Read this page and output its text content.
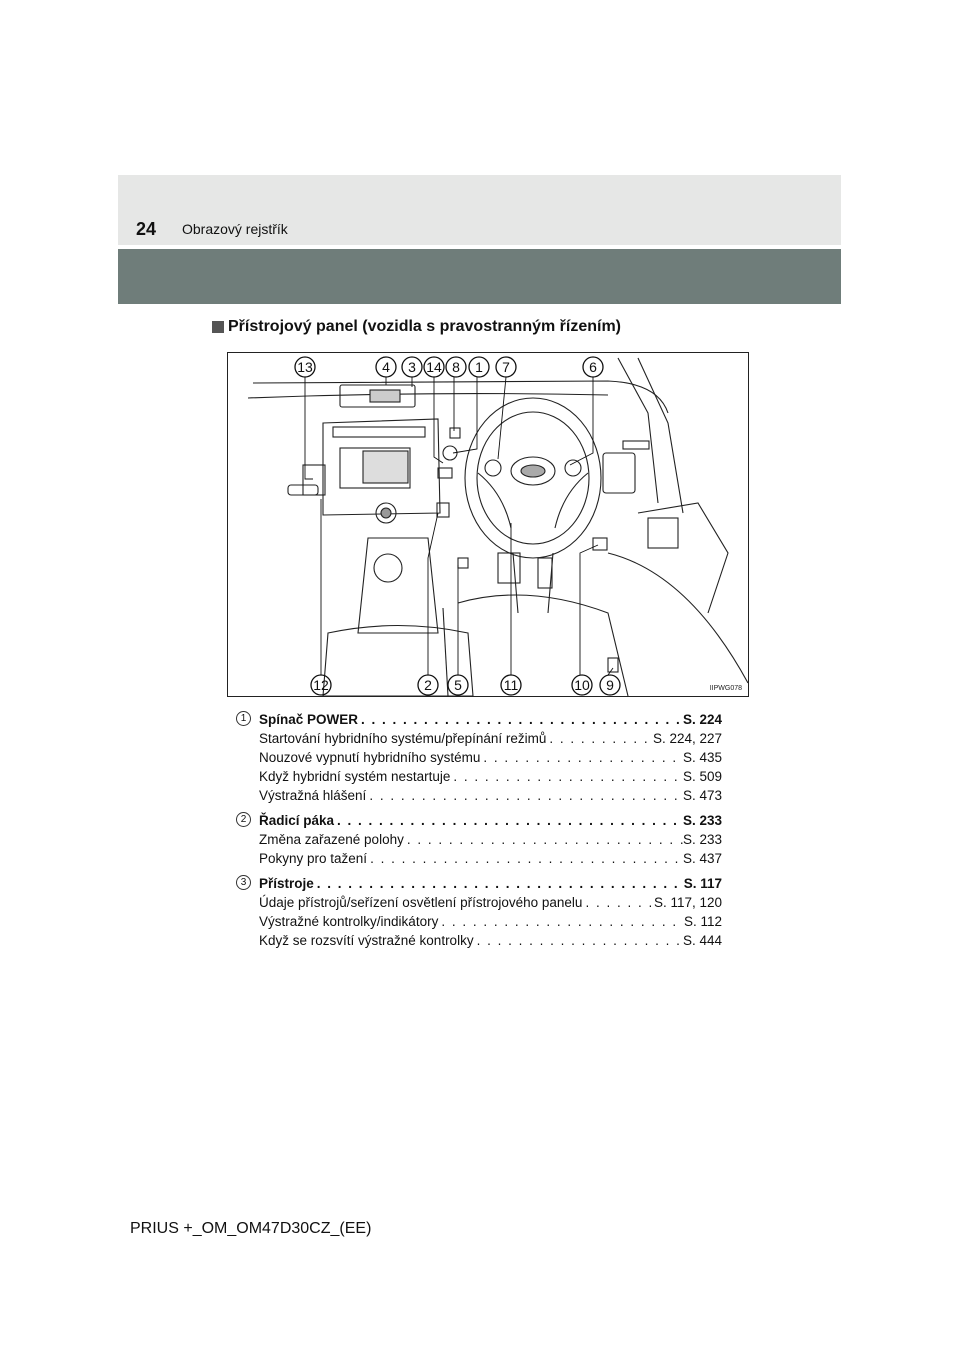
24 Obrazový rejstřík
Přístrojový panel (vozidla s pravostranným řízením)
13	4 3 14 8 1 7	6
12	2 5	11	10 9	IIPWG078
1 Spínač POWER . . .	S. 224
Startování hybridního systému/přepínání režimů . . .	S. 224, 227
Nouzové vypnutí hybridního systému . . .	S. 435
Když hybridní systém nestartuje . . .	S. 509
Výstražná hlášení . . .	S. 473
2 Řadicí páka . . .	S. 233
Změna zařazené polohy . . .	S. 233
Pokyny pro tažení . . .	S. 437
3 Přístroje . . .	S. 117
Údaje přístrojů/seřízení osvětlení přístrojového panelu . . .	S. 117, 120
Výstražné kontrolky/indikátory . . .	S. 112
Když se rozsvítí výstražné kontrolky . . .	S. 444
PRIUS +_OM_OM47D30CZ_(EE)
